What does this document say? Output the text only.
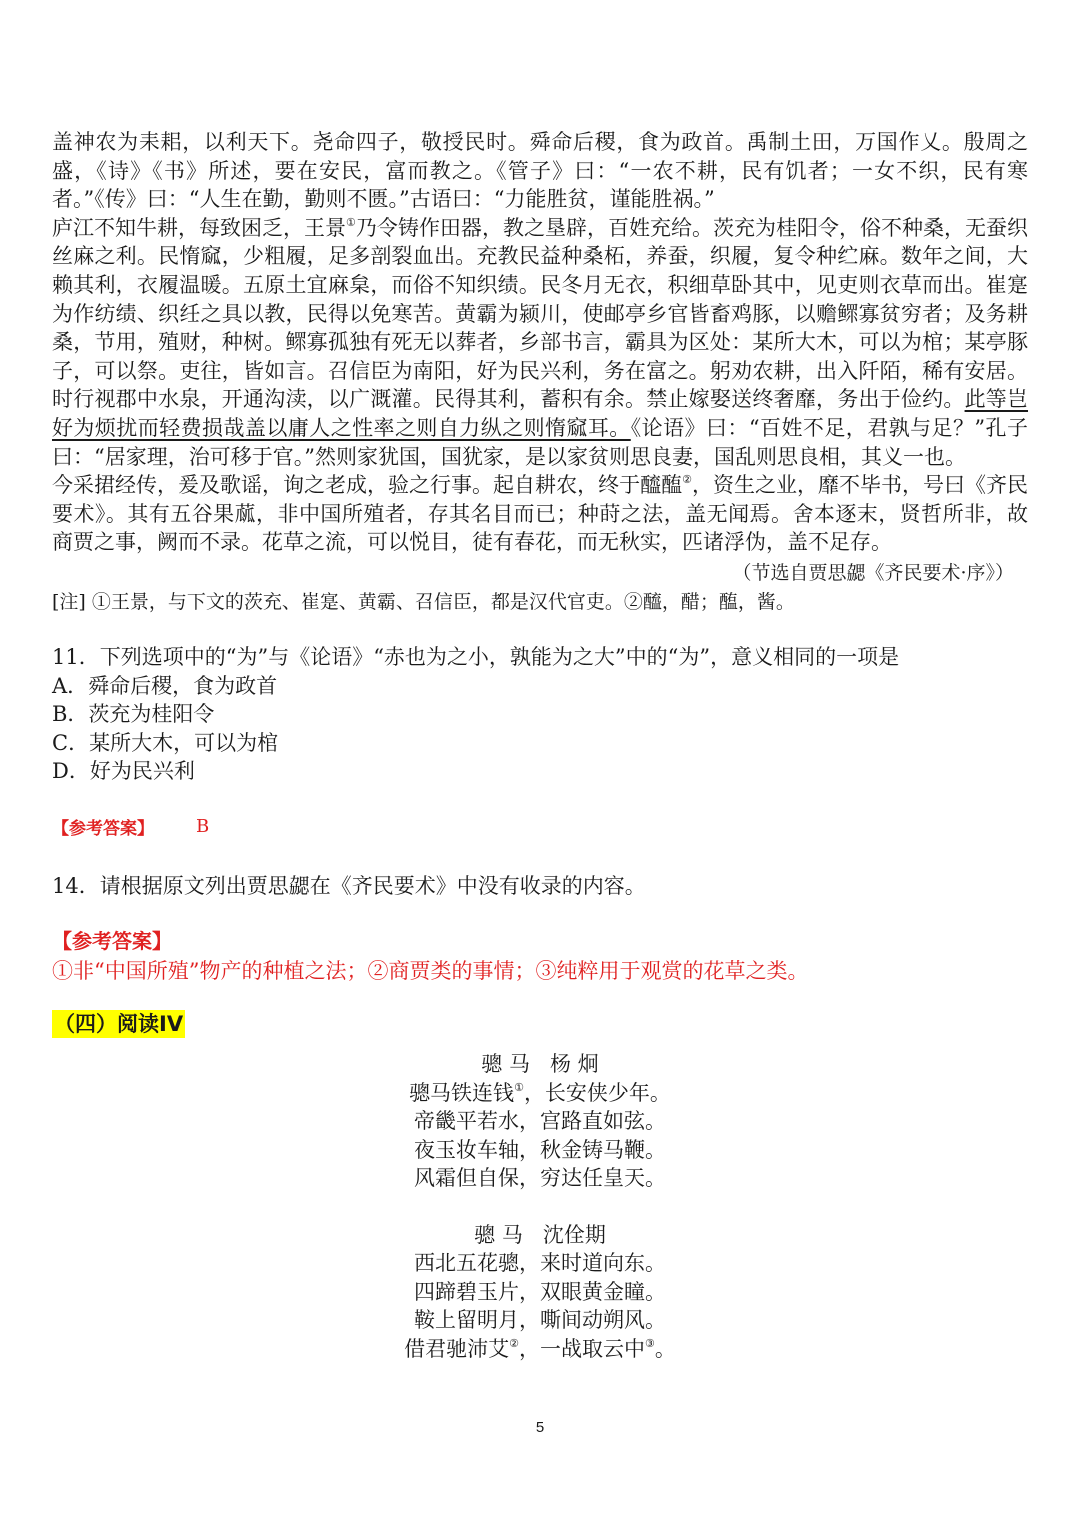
盖神农为耒耜，以利天下。尧命四子，敬授民时。舜命后稷，食为政首。禹制土田，万国作乂。殷周之盛，《诗》《书》所述，要在安民，富而教之。《管子》曰：“一农不耕，民有饥者；一女不织，民有寒者。”《传》曰：“人生在勤，勤则不匮。”古语曰：“力能胜贫，谨能胜祸。”

庐江不知牛耕，每致困乏，王景①乃令铸作田器，教之垦辟，百姓充给。茨充为桂阳令，俗不种桑，无蚕织丝麻之利。民惰窳，少粗履，足多剖裂血出。充教民益种桑柘，养蚕，织履，复令种纻麻。数年之间，大赖其利，衣履温暖。五原土宜麻枲，而俗不知织绩。民冬月无衣，积细草卧其中，见吏则衣草而出。崔寔为作纺绩、织纴之具以教，民得以免寒苦。黄霸为颍川，使邮亭乡官皆畜鸡豚，以赡鳏寡贫穷者；及务耕桑，节用，殖财，种树。鳏寡孤独有死无以葬者，乡部书言，霸具为区处：某所大木，可以为棺；某亭豚子，可以祭。吏往，皆如言。召信臣为南阳，好为民兴利，务在富之。躬劝农耕，出入阡陌，稀有安居。时行视郡中水泉，开通沟渎，以广溉灌。民得其利，蓄积有余。禁止嫁娶送终奢靡，务出于俭约。此等岂好为烦扰而轻费损哉盖以庸人之性率之则自力纵之则惰窳耳。《论语》曰：“百姓不足，君孰与足？”孔子曰：“居家理，治可移于官。”然则家犹国，国犹家，是以家贫则思良妻，国乱则思良相，其义一也。

今采捃经传，爰及歌谣，询之老成，验之行事。起自耕农，终于醯醢②，资生之业，靡不毕书，号曰《齐民要术》。其有五谷果蓏，非中国所殖者，存其名目而已；种莳之法，盖无闻焉。舍本逐末，贤哲所非，故商贾之事，阙而不录。花草之流，可以悦目，徒有春花，而无秋实，匹诸浮伪，盖不足存。

（节选自贾思勰《齐民要术·序》）

[注] ①王景，与下文的茨充、崔寔、黄霸、召信臣，都是汉代官吏。②醯，醋；醢，酱。

11．下列选项中的“为”与《论语》“赤也为之小，孰能为之大”中的“为”，意义相同的一项是

A．舜命后稷，食为政首

B．茨充为桂阳令

C．某所大木，可以为棺

D．好为民兴利

【参考答案】 B

14．请根据原文列出贾思勰在《齐民要术》中没有收录的内容。

【参考答案】

①非“中国所殖”物产的种植之法；②商贾类的事情；③纯粹用于观赏的花草之类。

（四）阅读IV

骢 马   杨 炯

骢马铁连钱①，长安侠少年。

帝畿平若水，宫路直如弦。

夜玉妆车轴，秋金铸马鞭。

风霜但自保，穷达任皇天。

骢 马   沈佺期

西北五花骢，来时道向东。

四蹄碧玉片，双眼黄金瞳。

鞍上留明月，嘶间动朔风。

借君驰沛艾②，一战取云中③。

5
